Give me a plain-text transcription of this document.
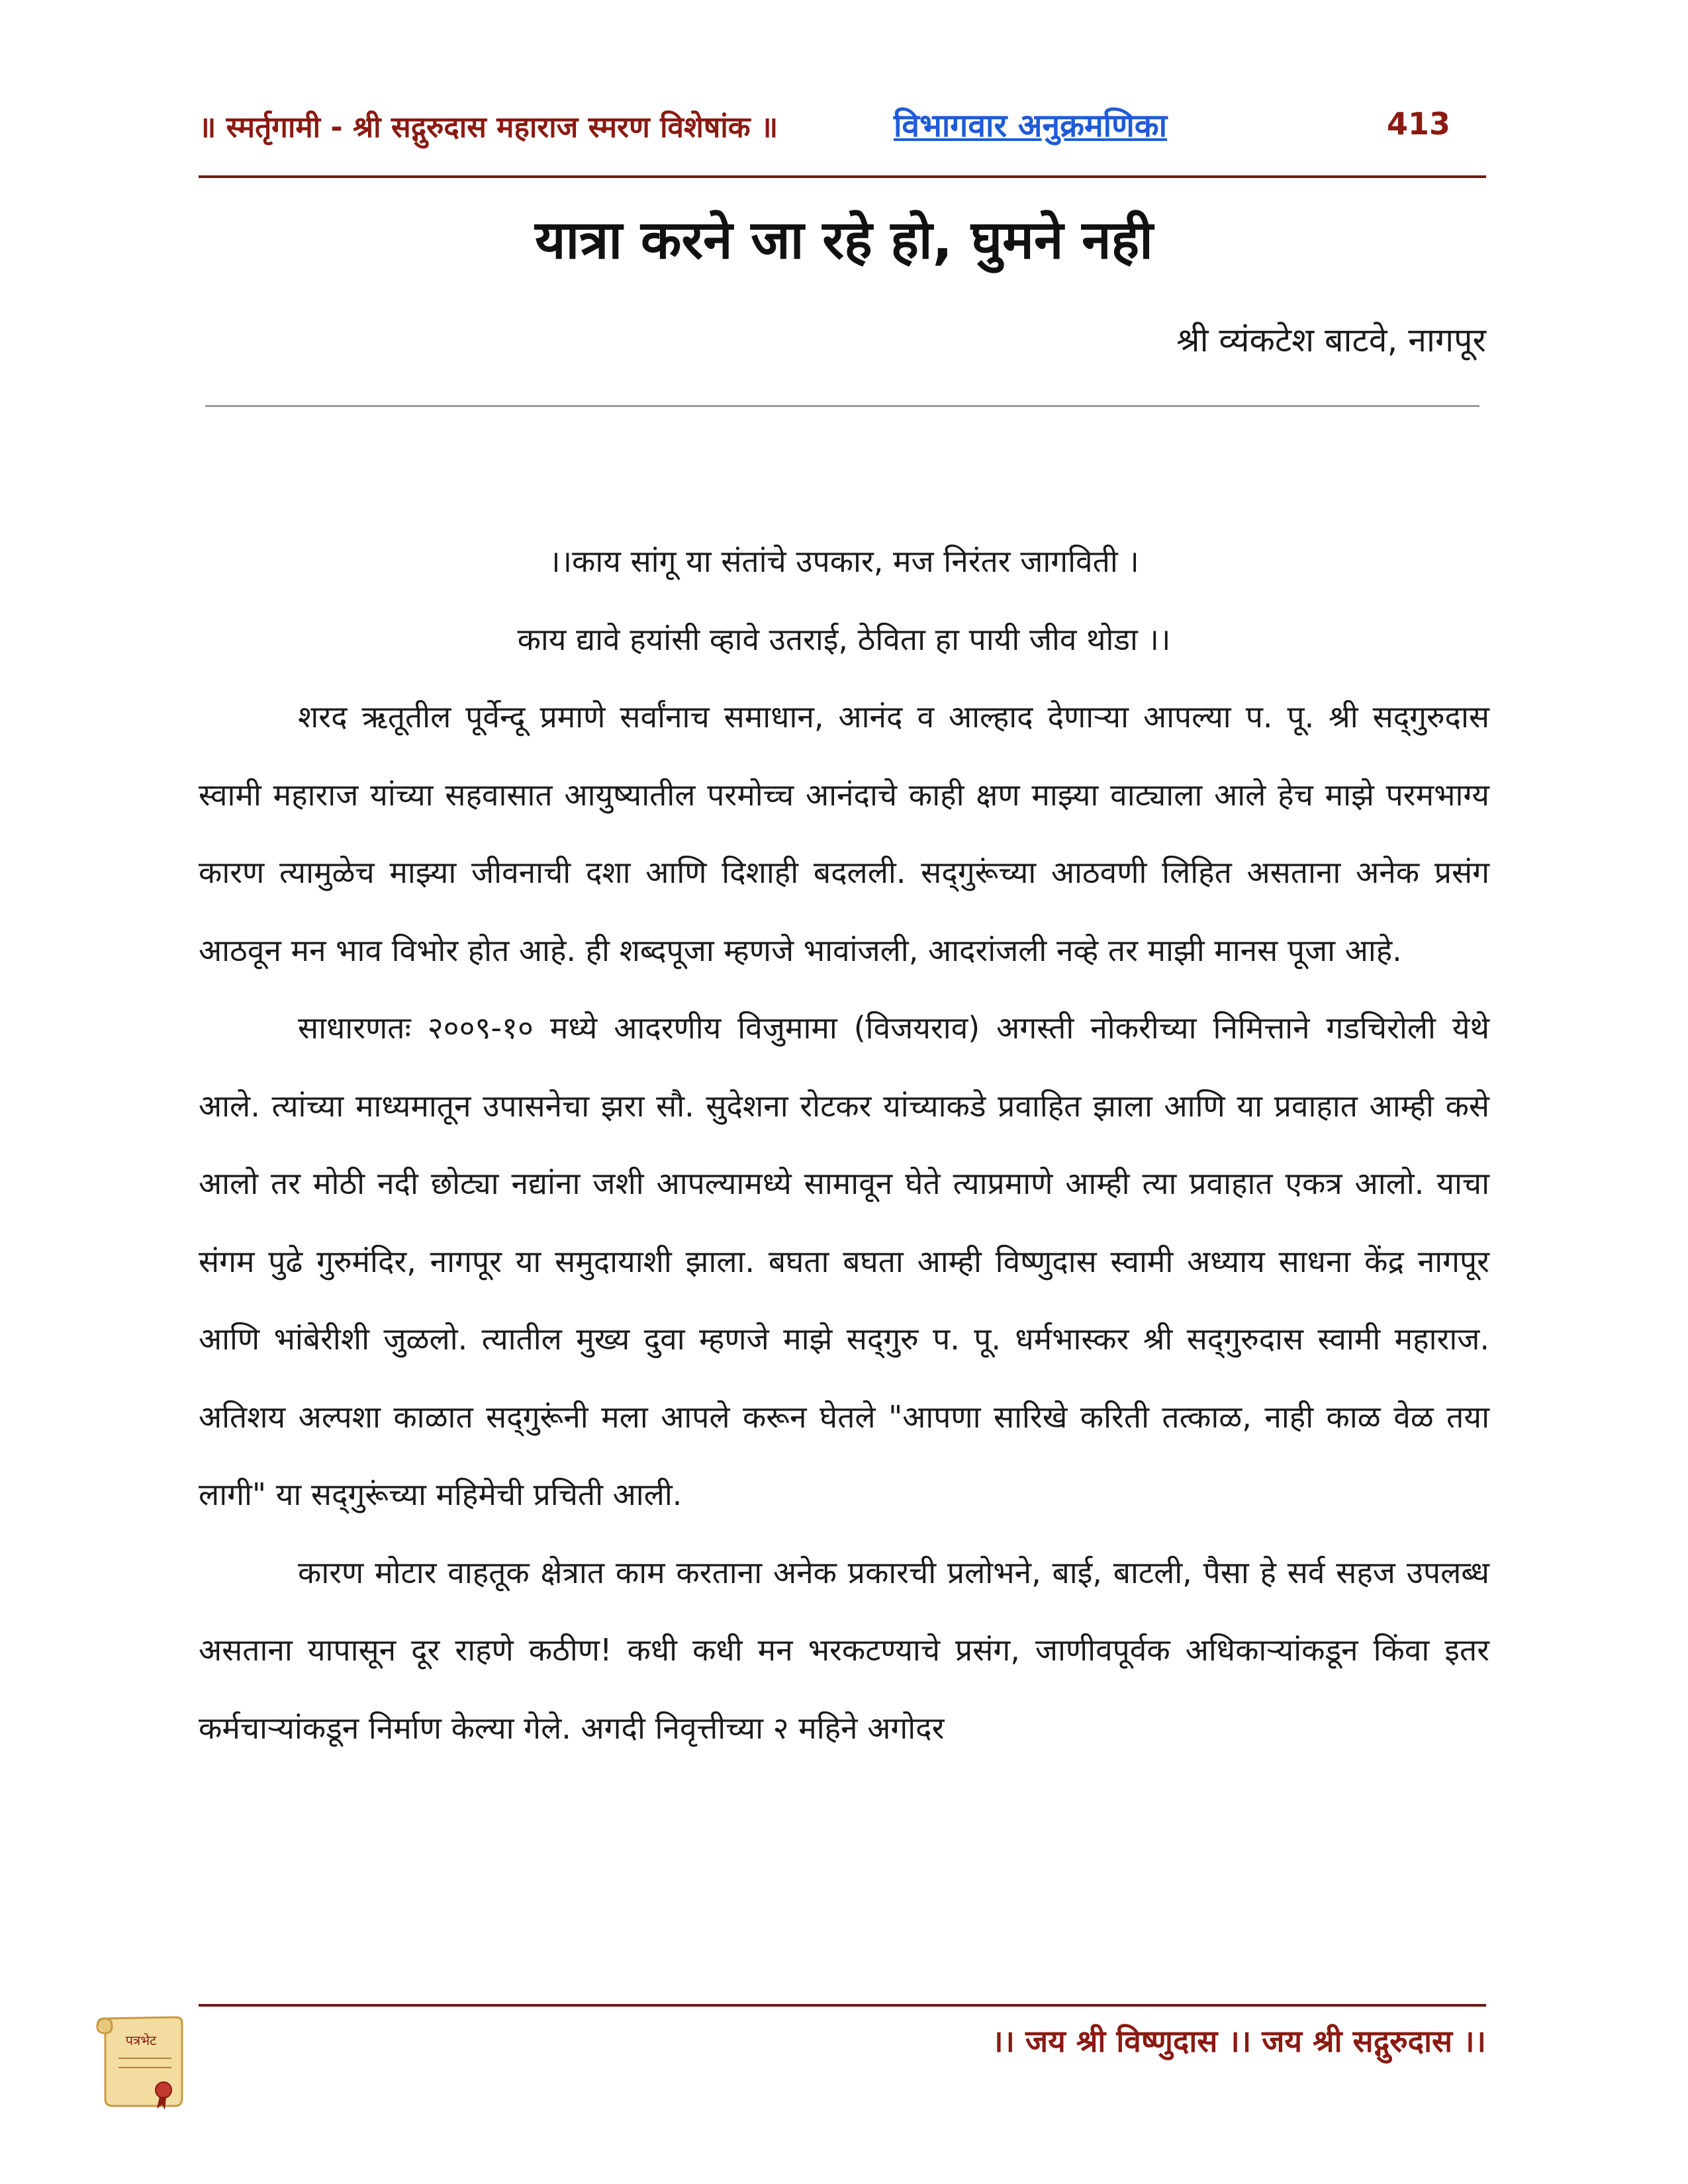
॥ स्मर्तृगामी - श्री सद्गुरुदास महाराज स्मरण विशेषांक ॥	विभागवार अनुक्रमणिका	413
यात्रा करने जा रहे हो, घुमने नही
श्री व्यंकटेश बाटवे, नागपूर
।।काय सांगू या संतांचे उपकार, मज निरंतर जागविती ।
काय द्यावे हयांसी व्हावे उतराई, ठेविता हा पायी जीव थोडा ।।

शरद ऋतूतील पूर्वेन्दू प्रमाणे सर्वांनाच समाधान, आनंद व आल्हाद देणाऱ्या आपल्या प. पू. श्री सद्‌गुरुदास स्वामी महाराज यांच्या सहवासात आयुष्यातील परमोच्च आनंदाचे काही क्षण माझ्या वाट्याला आले हेच माझे परमभाग्य कारण त्यामुळेच माझ्या जीवनाची दशा आणि दिशाही बदलली. सद्‌गुरूंच्या आठवणी लिहित असताना अनेक प्रसंग आठवून मन भाव विभोर होत आहे. ही शब्दपूजा म्हणजे भावांजली, आदरांजली नव्हे तर माझी मानस पूजा आहे.

साधारणतः २००९-१० मध्ये आदरणीय विजुमामा (विजयराव) अगस्ती नोकरीच्या निमित्ताने गडचिरोली येथे आले. त्यांच्या माध्यमातून उपासनेचा झरा सौ. सुदेशना रोटकर यांच्याकडे प्रवाहित झाला आणि या प्रवाहात आम्ही कसे आलो तर मोठी नदी छोट्या नद्यांना जशी आपल्यामध्ये सामावून घेते त्याप्रमाणे आम्ही त्या प्रवाहात एकत्र आलो. याचा संगम पुढे गुरुमंदिर, नागपूर या समुदायाशी झाला. बघता बघता आम्ही विष्णुदास स्वामी अध्याय साधना केंद्र नागपूर आणि भांबेरीशी जुळलो. त्यातील मुख्य दुवा म्हणजे माझे सद्‌गुरु प. पू. धर्मभास्कर श्री सद्‌गुरुदास स्वामी महाराज. अतिशय अल्पशा काळात सद्‌गुरूंनी मला आपले करून घेतले "आपणा सारिखे करिती तत्काळ, नाही काळ वेळ तया लागी" या सद्‌गुरूंच्या महिमेची प्रचिती आली.

कारण मोटार वाहतूक क्षेत्रात काम करताना अनेक प्रकारची प्रलोभने, बाई, बाटली, पैसा हे सर्व सहज उपलब्ध असताना यापासून दूर राहणे कठीण! कधी कधी मन भरकटण्याचे प्रसंग, जाणीवपूर्वक अधिकाऱ्यांकडून किंवा इतर कर्मचाऱ्यांकडून निर्माण केल्या गेले. अगदी निवृत्तीच्या २ महिने अगोदर

।। जय श्री विष्णुदास ।। जय श्री सद्गुरुदास ।।
पत्रभेट
